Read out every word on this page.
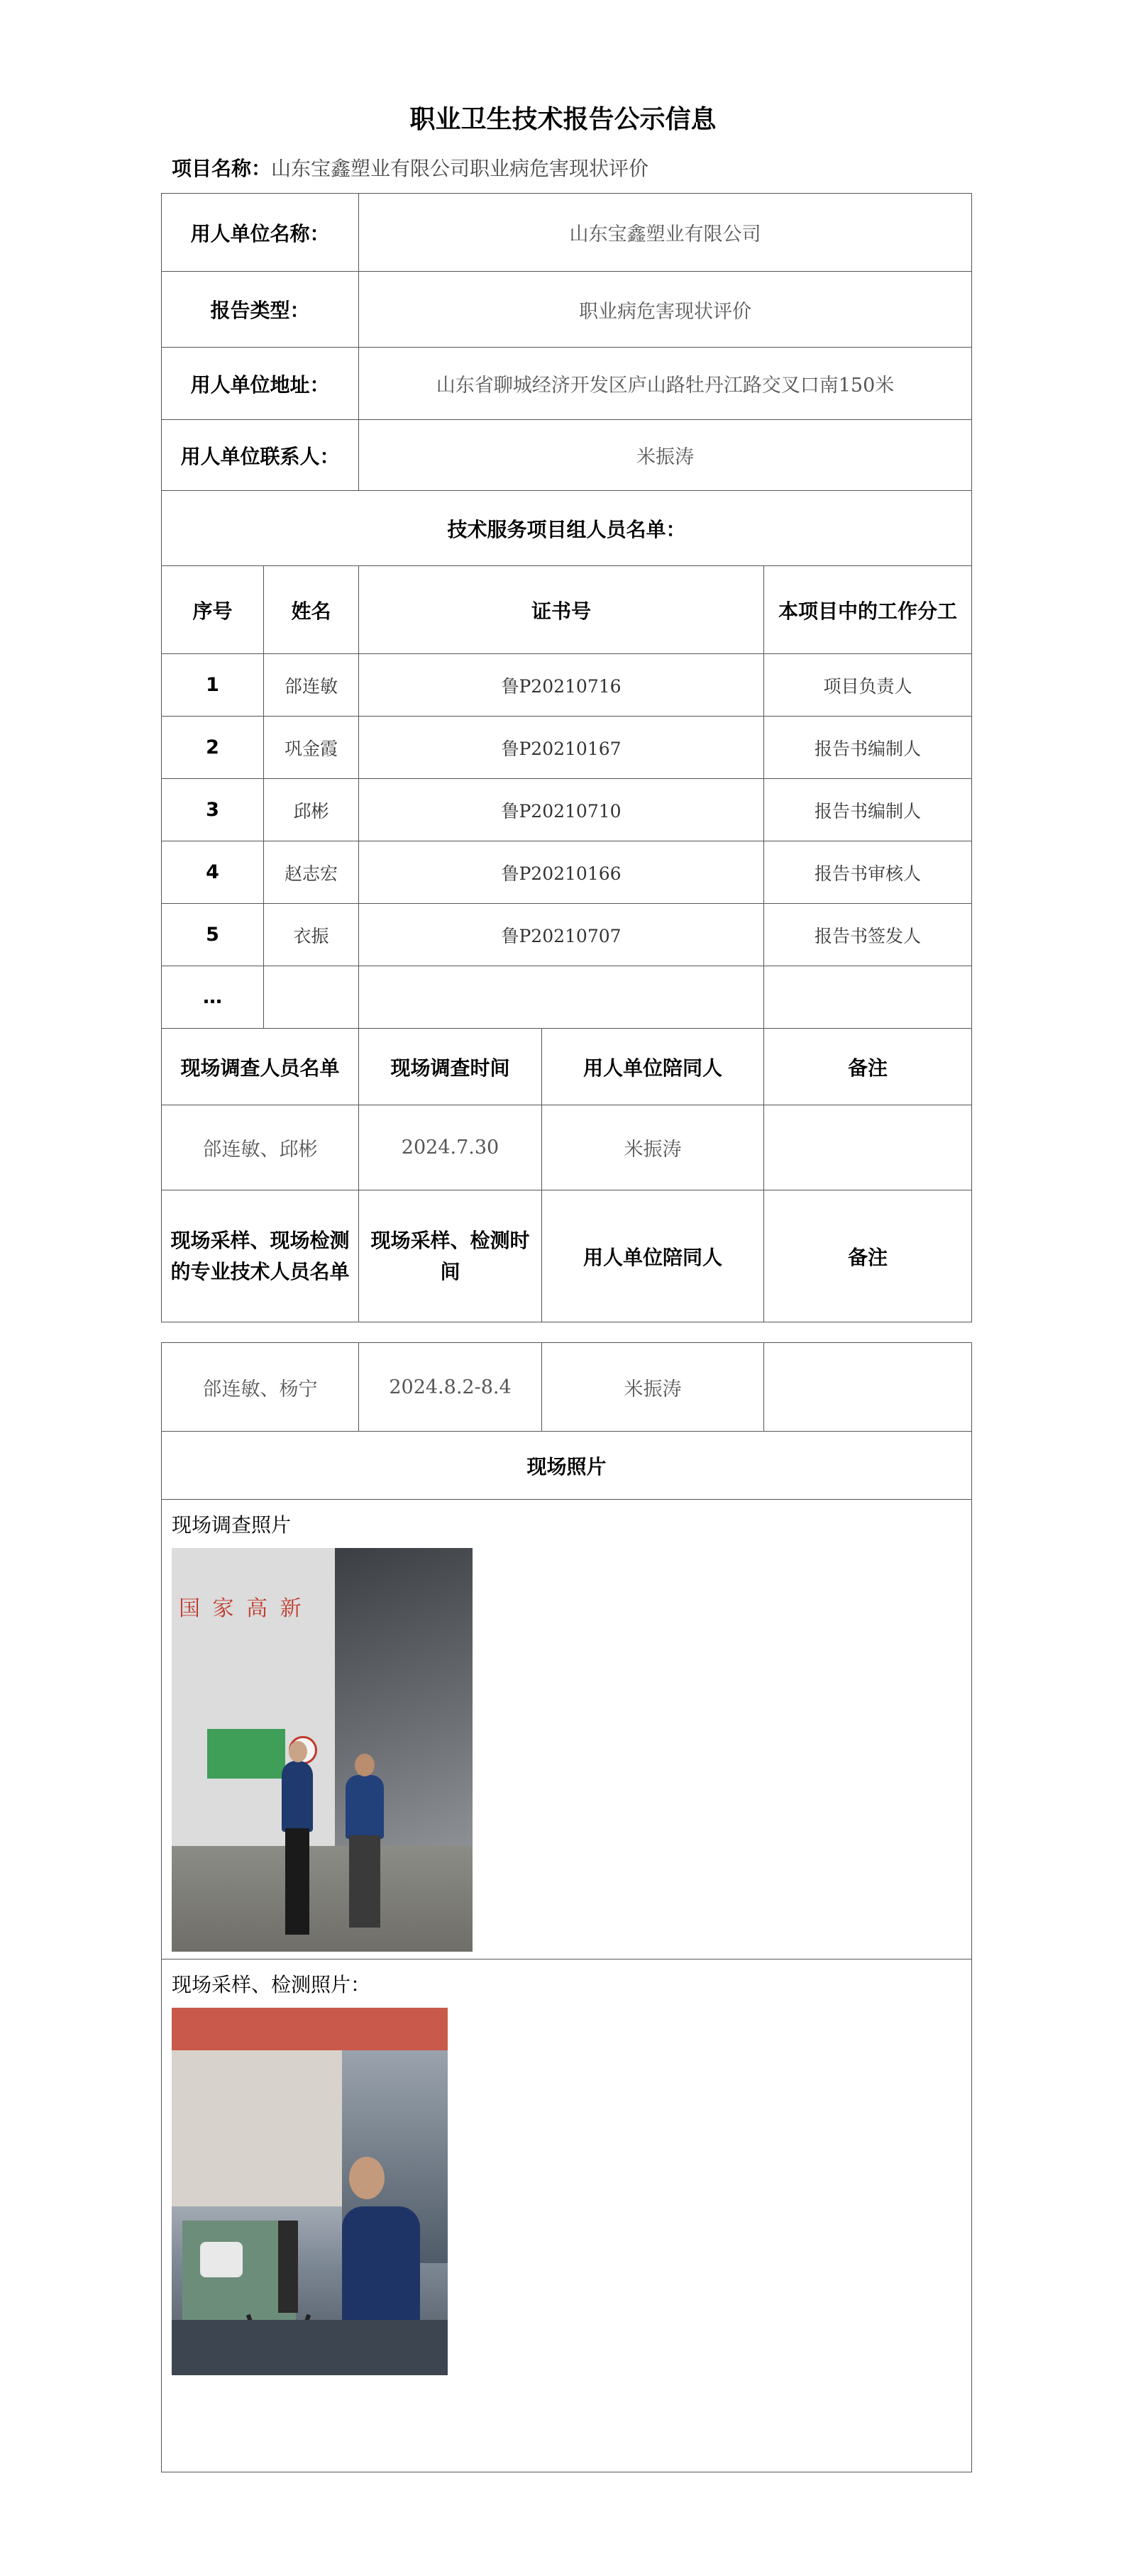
职业卫生技术报告公示信息
项目名称：山东宝鑫塑业有限公司职业病危害现状评价
用人单位名称：		山东宝鑫塑业有限公司		
报告类型：		职业病危害现状评价		
用人单位地址：		山东省聊城经济开发区庐山路牡丹江路交叉口南150米		
用人单位联系人：		米振涛		
技术服务项目组人员名单：				
序号	姓名	证书号		本项目中的工作分工
1	郃连敏	鲁P20210716		项目负责人
2	巩金霞	鲁P20210167		报告书编制人
3	邱彬	鲁P20210710		报告书编制人
4	赵志宏	鲁P20210166		报告书审核人
5	衣振	鲁P20210707		报告书签发人
…				
现场调查人员名单		现场调查时间	用人单位陪同人	备注
郃连敏、邱彬		2024.7.30	米振涛	
现场采样、现场检测的专业技术人员名单		现场采样、检测时间	用人单位陪同人	备注
郃连敏、杨宁	2024.8.2-8.4	米振涛	
现场照片

现场调查照片
国 家 高 新

现场采样、检测照片：
